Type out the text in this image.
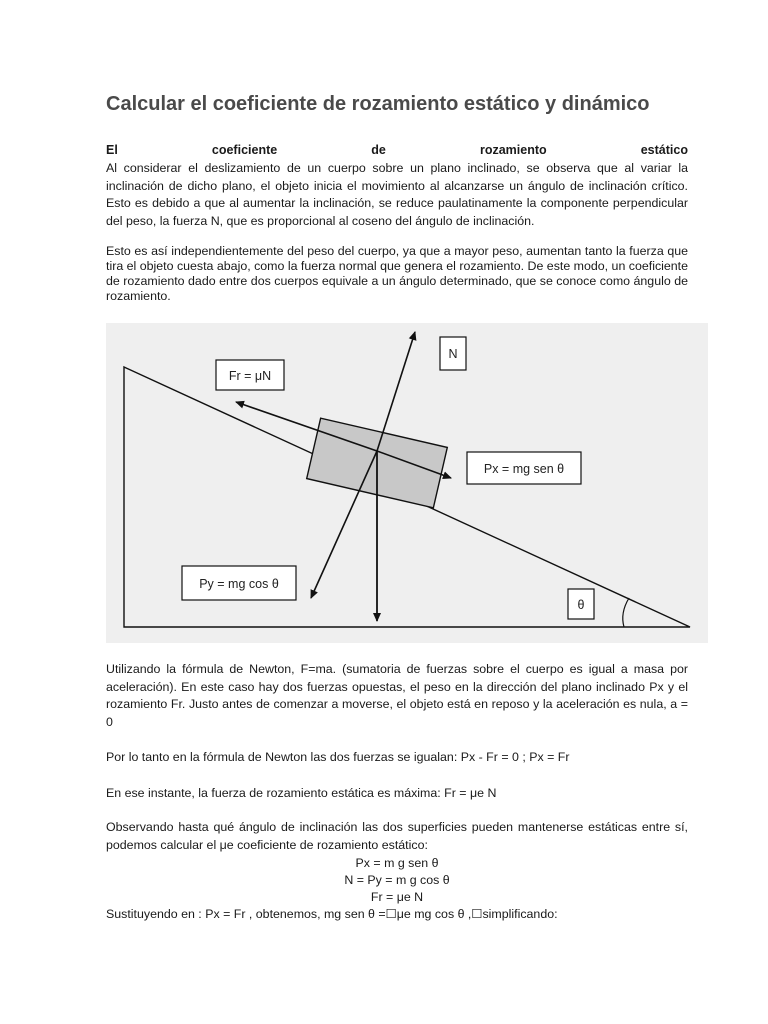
Calcular el coeficiente de rozamiento estático y dinámico
El	coeficiente	de	rozamiento	estático

Al considerar el deslizamiento de un cuerpo sobre un plano inclinado, se observa que al variar la inclinación de dicho plano, el objeto inicia el movimiento al alcanzarse un ángulo de inclinación crítico. Esto es debido a que al aumentar la inclinación, se reduce paulatinamente la componente perpendicular del peso, la fuerza N, que es proporcional al coseno del ángulo de inclinación.

Esto es así independientemente del peso del cuerpo, ya que a mayor peso, aumentan tanto la fuerza que tira el objeto cuesta abajo, como la fuerza normal que genera el rozamiento. De este modo, un coeficiente de rozamiento dado entre dos cuerpos equivale a un ángulo determinado, que se conoce como ángulo de rozamiento.

N
Fr = μN
Px = mg sen θ
Py = mg cos θ
θ

Utilizando la fórmula de Newton, F=ma. (sumatoria de fuerzas sobre el cuerpo es igual a masa por aceleración). En este caso hay dos fuerzas opuestas, el peso en la dirección del plano inclinado Px y el rozamiento Fr. Justo antes de comenzar a moverse, el objeto está en reposo y la aceleración es nula, a = 0

Por lo tanto en la fórmula de Newton las dos fuerzas se igualan: Px - Fr = 0 ; Px = Fr

En ese instante, la fuerza de rozamiento estática es máxima: Fr = μe N

Observando hasta qué ángulo de inclinación las dos superficies pueden mantenerse estáticas entre sí, podemos calcular el μe coeficiente de rozamiento estático:

Px = m g sen θ

N = Py = m g cos θ

Fr = μe N

Sustituyendo en : Px = Fr , obtenemos, mg sen θ =☐μe mg cos θ ,☐simplificando:
